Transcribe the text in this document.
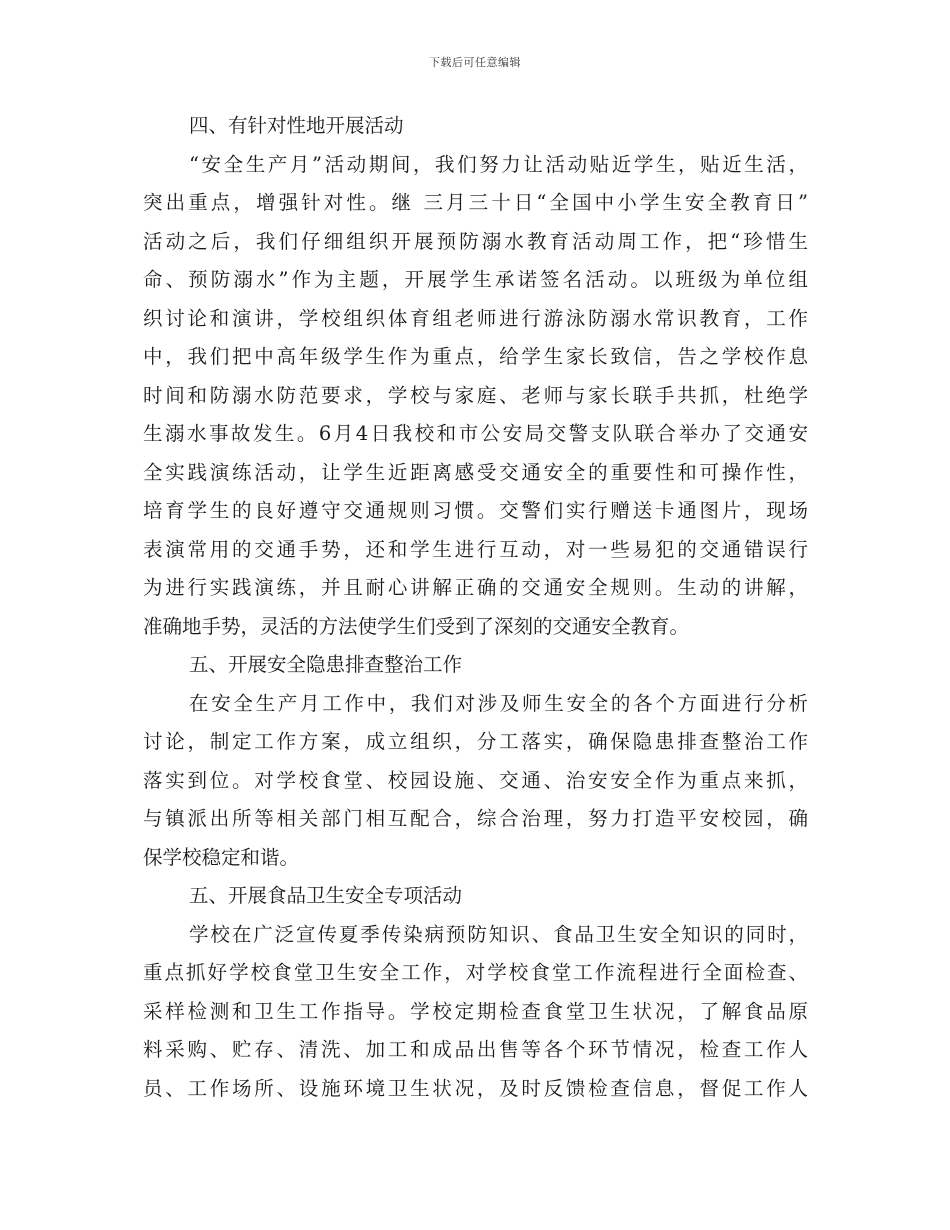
下载后可任意编辑
四、有针对性地开展活动
“安全生产月”活动期间，我们努力让活动贴近学生，贴近生活，
突出重点，增强针对性。继 三月三十日“全国中小学生安全教育日”
活动之后，我们仔细组织开展预防溺水教育活动周工作，把“珍惜生
命、预防溺水”作为主题，开展学生承诺签名活动。以班级为单位组
织讨论和演讲，学校组织体育组老师进行游泳防溺水常识教育，工作
中，我们把中高年级学生作为重点，给学生家长致信，告之学校作息
时间和防溺水防范要求，学校与家庭、老师与家长联手共抓，杜绝学
生溺水事故发生。6月4日我校和市公安局交警支队联合举办了交通安
全实践演练活动，让学生近距离感受交通安全的重要性和可操作性，
培育学生的良好遵守交通规则习惯。交警们实行赠送卡通图片，现场
表演常用的交通手势，还和学生进行互动，对一些易犯的交通错误行
为进行实践演练，并且耐心讲解正确的交通安全规则。生动的讲解，
准确地手势，灵活的方法使学生们受到了深刻的交通安全教育。
五、开展安全隐患排查整治工作
在安全生产月工作中，我们对涉及师生安全的各个方面进行分析
讨论，制定工作方案，成立组织，分工落实，确保隐患排查整治工作
落实到位。对学校食堂、校园设施、交通、治安安全作为重点来抓，
与镇派出所等相关部门相互配合，综合治理，努力打造平安校园，确
保学校稳定和谐。
五、开展食品卫生安全专项活动
学校在广泛宣传夏季传染病预防知识、食品卫生安全知识的同时，
重点抓好学校食堂卫生安全工作，对学校食堂工作流程进行全面检查、
采样检测和卫生工作指导。学校定期检查食堂卫生状况，了解食品原
料采购、贮存、清洗、加工和成品出售等各个环节情况，检查工作人
员、工作场所、设施环境卫生状况，及时反馈检查信息，督促工作人
